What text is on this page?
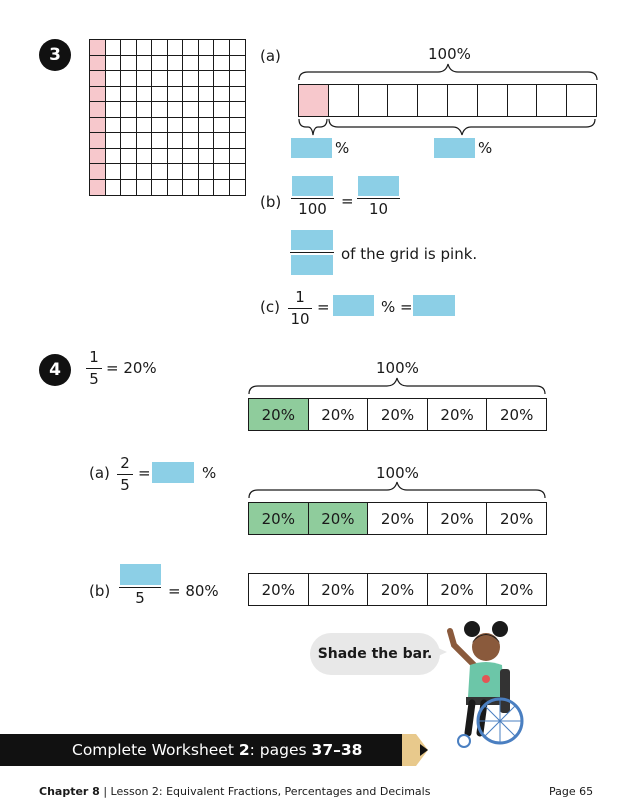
3	(a)	100%
%	%
(b) 100 = 10
of the grid is pink.
(c)
1
10
=	% =
4
1
5
= 20%	100%
20%	20%	20%	20%	20%
(a)
2
5
=	%	100%
20%	20%	20%	20%	20%
(b) 5 = 80%	20%	20%	20%	20%	20%
Shade the bar.
Complete Worksheet 2: pages 37–38
Chapter 8 | Lesson 2: Equivalent Fractions, Percentages and Decimals	Page 65
